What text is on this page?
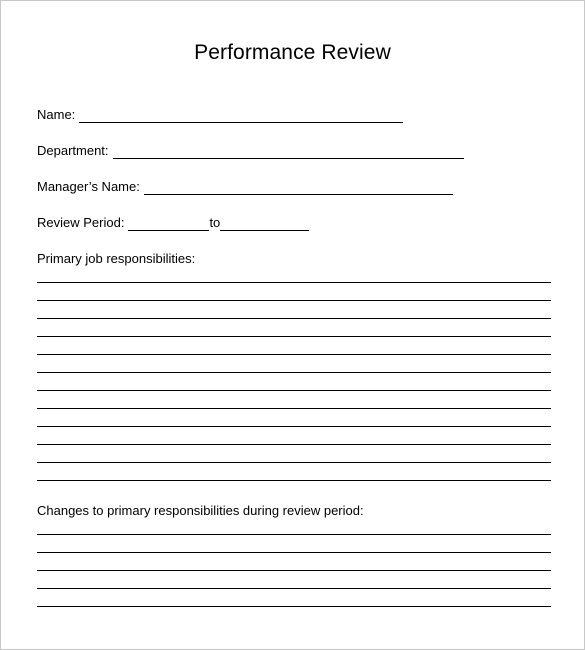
Performance Review
Name:
Department:
Manager’s Name:
Review Period:	to
Primary job responsibilities:
Changes to primary responsibilities during review period:
